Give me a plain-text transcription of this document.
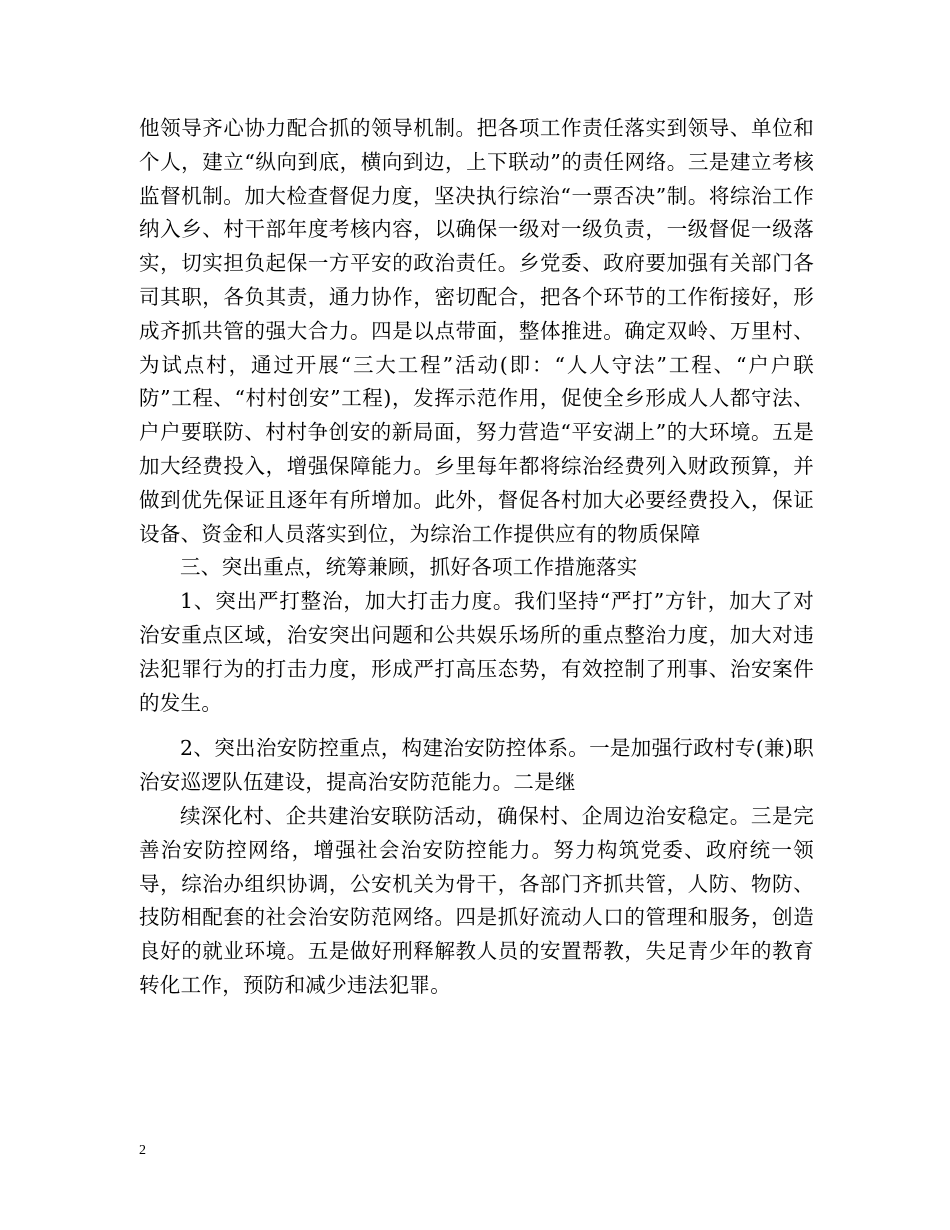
他领导齐心协力配合抓的领导机制。把各项工作责任落实到领导、单位和个人，建立“纵向到底，横向到边，上下联动”的责任网络。三是建立考核监督机制。加大检查督促力度，坚决执行综治“一票否决”制。将综治工作纳入乡、村干部年度考核内容，以确保一级对一级负责，一级督促一级落实，切实担负起保一方平安的政治责任。乡党委、政府要加强有关部门各司其职，各负其责，通力协作，密切配合，把各个环节的工作衔接好，形成齐抓共管的强大合力。四是以点带面，整体推进。确定双岭、万里村、为试点村，通过开展“三大工程”活动(即：“人人守法”工程、“户户联防”工程、“村村创安”工程)，发挥示范作用，促使全乡形成人人都守法、户户要联防、村村争创安的新局面，努力营造“平安湖上”的大环境。五是加大经费投入，增强保障能力。乡里每年都将综治经费列入财政预算，并做到优先保证且逐年有所增加。此外，督促各村加大必要经费投入，保证设备、资金和人员落实到位，为综治工作提供应有的物质保障

三、突出重点，统筹兼顾，抓好各项工作措施落实

1、突出严打整治，加大打击力度。我们坚持“严打”方针，加大了对治安重点区域，治安突出问题和公共娱乐场所的重点整治力度，加大对违法犯罪行为的打击力度，形成严打高压态势，有效控制了刑事、治安案件的发生。

2、突出治安防控重点，构建治安防控体系。一是加强行政村专(兼)职治安巡逻队伍建设，提高治安防范能力。二是继

续深化村、企共建治安联防活动，确保村、企周边治安稳定。三是完善治安防控网络，增强社会治安防控能力。努力构筑党委、政府统一领导，综治办组织协调，公安机关为骨干，各部门齐抓共管，人防、物防、技防相配套的社会治安防范网络。四是抓好流动人口的管理和服务，创造良好的就业环境。五是做好刑释解教人员的安置帮教，失足青少年的教育转化工作，预防和减少违法犯罪。

2
